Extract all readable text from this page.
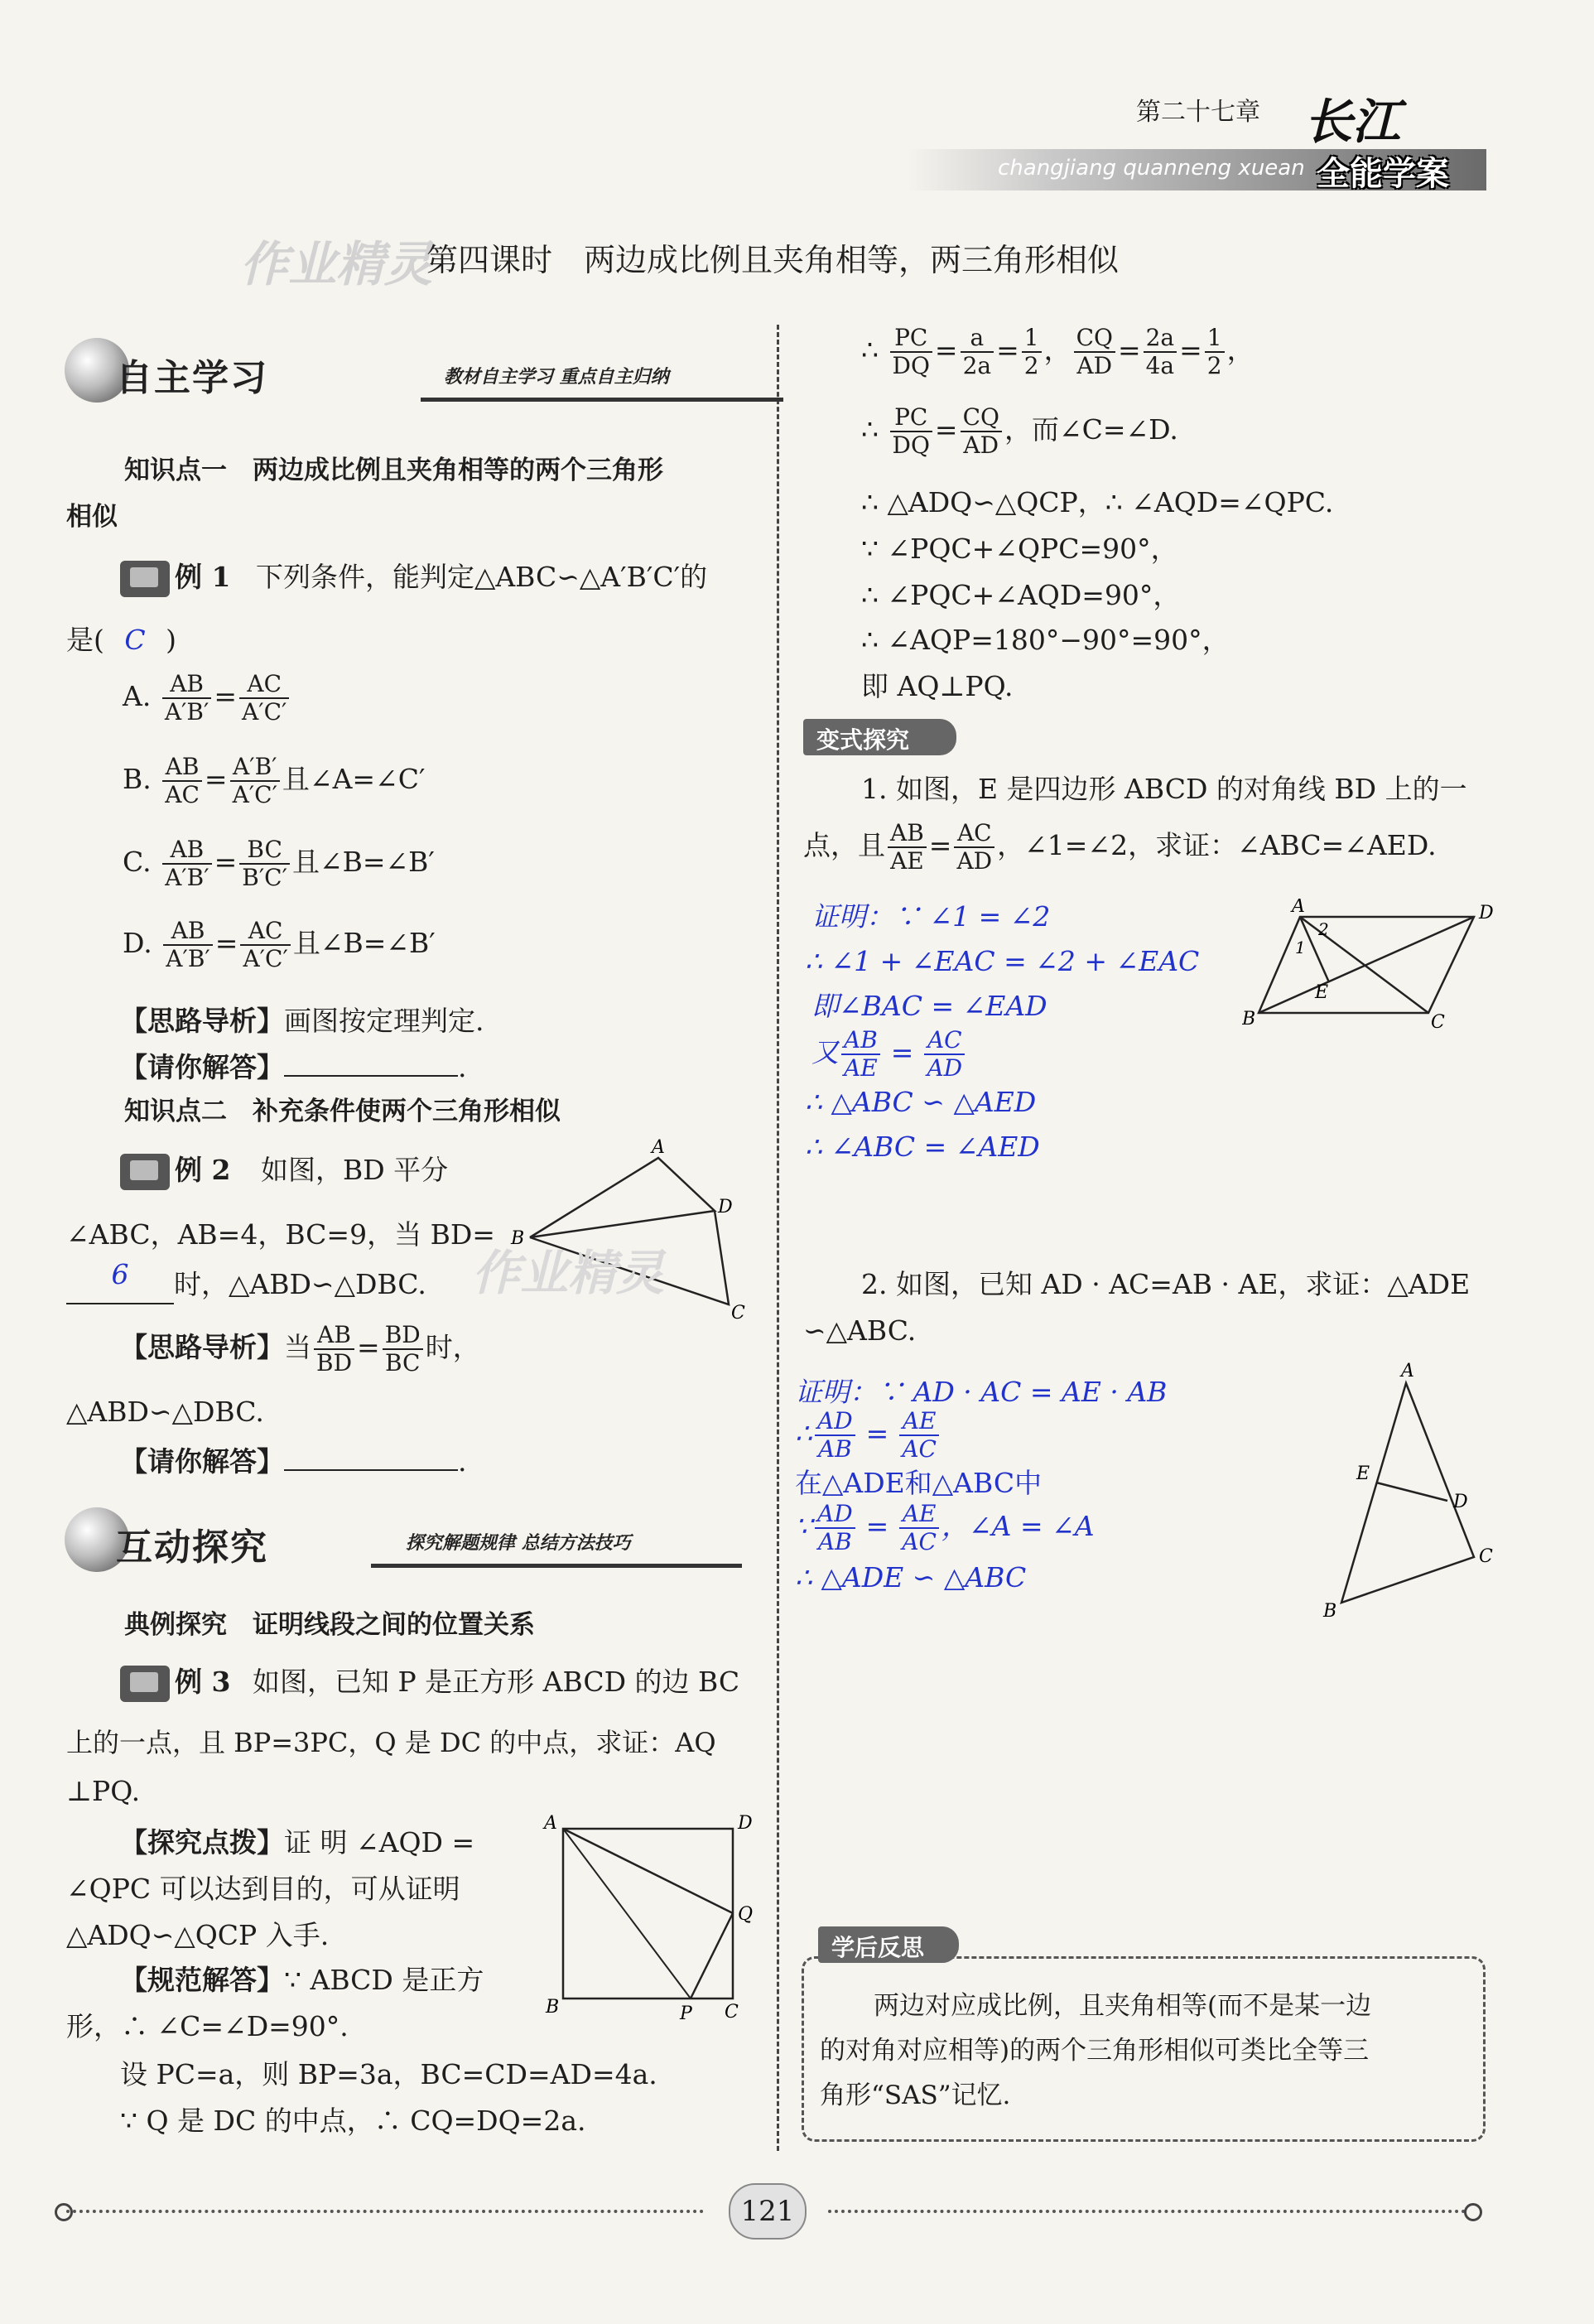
第二十七章
changjiang quanneng xuean
长江
全能学案
作业精灵
第四课时　两边成比例且夹角相等，两三角形相似
自主学习	教材自主学习 重点自主归纳
知识点一　两边成比例且夹角相等的两个三角形
相似
例 1 下列条件，能判定△ABC∽△A′B′C′的
是( C )
A. $\frac{AB}{A'B'} = \frac{AC}{A'C'}$
B. $\frac{AB}{AC} = \frac{A'B'}{A'C'}$ 且∠A=∠C′
C. $\frac{AB}{A'B'} = \frac{BC}{B'C'}$ 且∠B=∠B′
D. $\frac{AB}{A'B'} = \frac{AC}{A'C'}$ 且∠B=∠B′
【思路导析】画图按定理判定.
【请你解答】	.
知识点二　补充条件使两个三角形相似
例 2 如图，BD 平分
∠ABC，AB=4，BC=9，当 BD=
6 时，△ABD∽△DBC.
A
B
D
C
作业精灵
【思路导析】当 $\frac{AB}{BD} = \frac{BD}{BC}$ 时，
△ABD∽△DBC.
【请你解答】	.
互动探究	探究解题规律 总结方法技巧
典例探究　证明线段之间的位置关系
例 3 如图，已知 P 是正方形 ABCD 的边 BC
上的一点，且 BP=3PC，Q 是 DC 的中点，求证：AQ
⊥PQ.
【探究点拨】证 明 ∠AQD =
∠QPC 可以达到目的，可从证明
△ADQ∽△QCP 入手.
A	D
Q
B	P C
【规范解答】∵ ABCD 是正方
形，∴ ∠C=∠D=90°.
设 PC=a，则 BP=3a，BC=CD=AD=4a.
∵ Q 是 DC 的中点，∴ CQ=DQ=2a.
∴ $\frac{PC}{DQ} = \frac{a}{2a} = \frac{1}{2}$ ， $\frac{CQ}{AD} = \frac{2a}{4a} = \frac{1}{2}$ ，
∴ $\frac{PC}{DQ} = \frac{CQ}{AD}$ ，而∠C=∠D.
∴ △ADQ∽△QCP，∴ ∠AQD=∠QPC.
∵ ∠PQC+∠QPC=90°，
∴ ∠PQC+∠AQD=90°，
∴ ∠AQP=180°−90°=90°，
即 AQ⊥PQ.
变式探究
1. 如图，E 是四边形 ABCD 的对角线 BD 上的一
点，且 $\frac{AB}{AE} = \frac{AC}{AD}$ ，∠1=∠2，求证：∠ABC=∠AED.
证明：∵ ∠1 = ∠2
∴ ∠1 + ∠EAC = ∠2 + ∠EAC
即∠BAC = ∠EAD
又 $\frac{AB}{AE} = \frac{AC}{AD}$
∴ △ABC ∽ △AED
∴ ∠ABC = ∠AED
A	D
B	C
E
1
2
2. 如图，已知 AD · AC=AB · AE，求证：△ADE
∽△ABC.
证明：∵ AD · AC = AE · AB
∴ $\frac{AD}{AB} = \frac{AE}{AC}$
在△ADE和△ABC中
∵ $\frac{AD}{AB} = \frac{AE}{AC}$ ，∠A = ∠A
∴ △ADE ∽ △ABC
A
E
D
C
B
学后反思
两边对应成比例，且夹角相等(而不是某一边
的对角对应相等)的两个三角形相似可类比全等三
角形“SAS”记忆.
121
